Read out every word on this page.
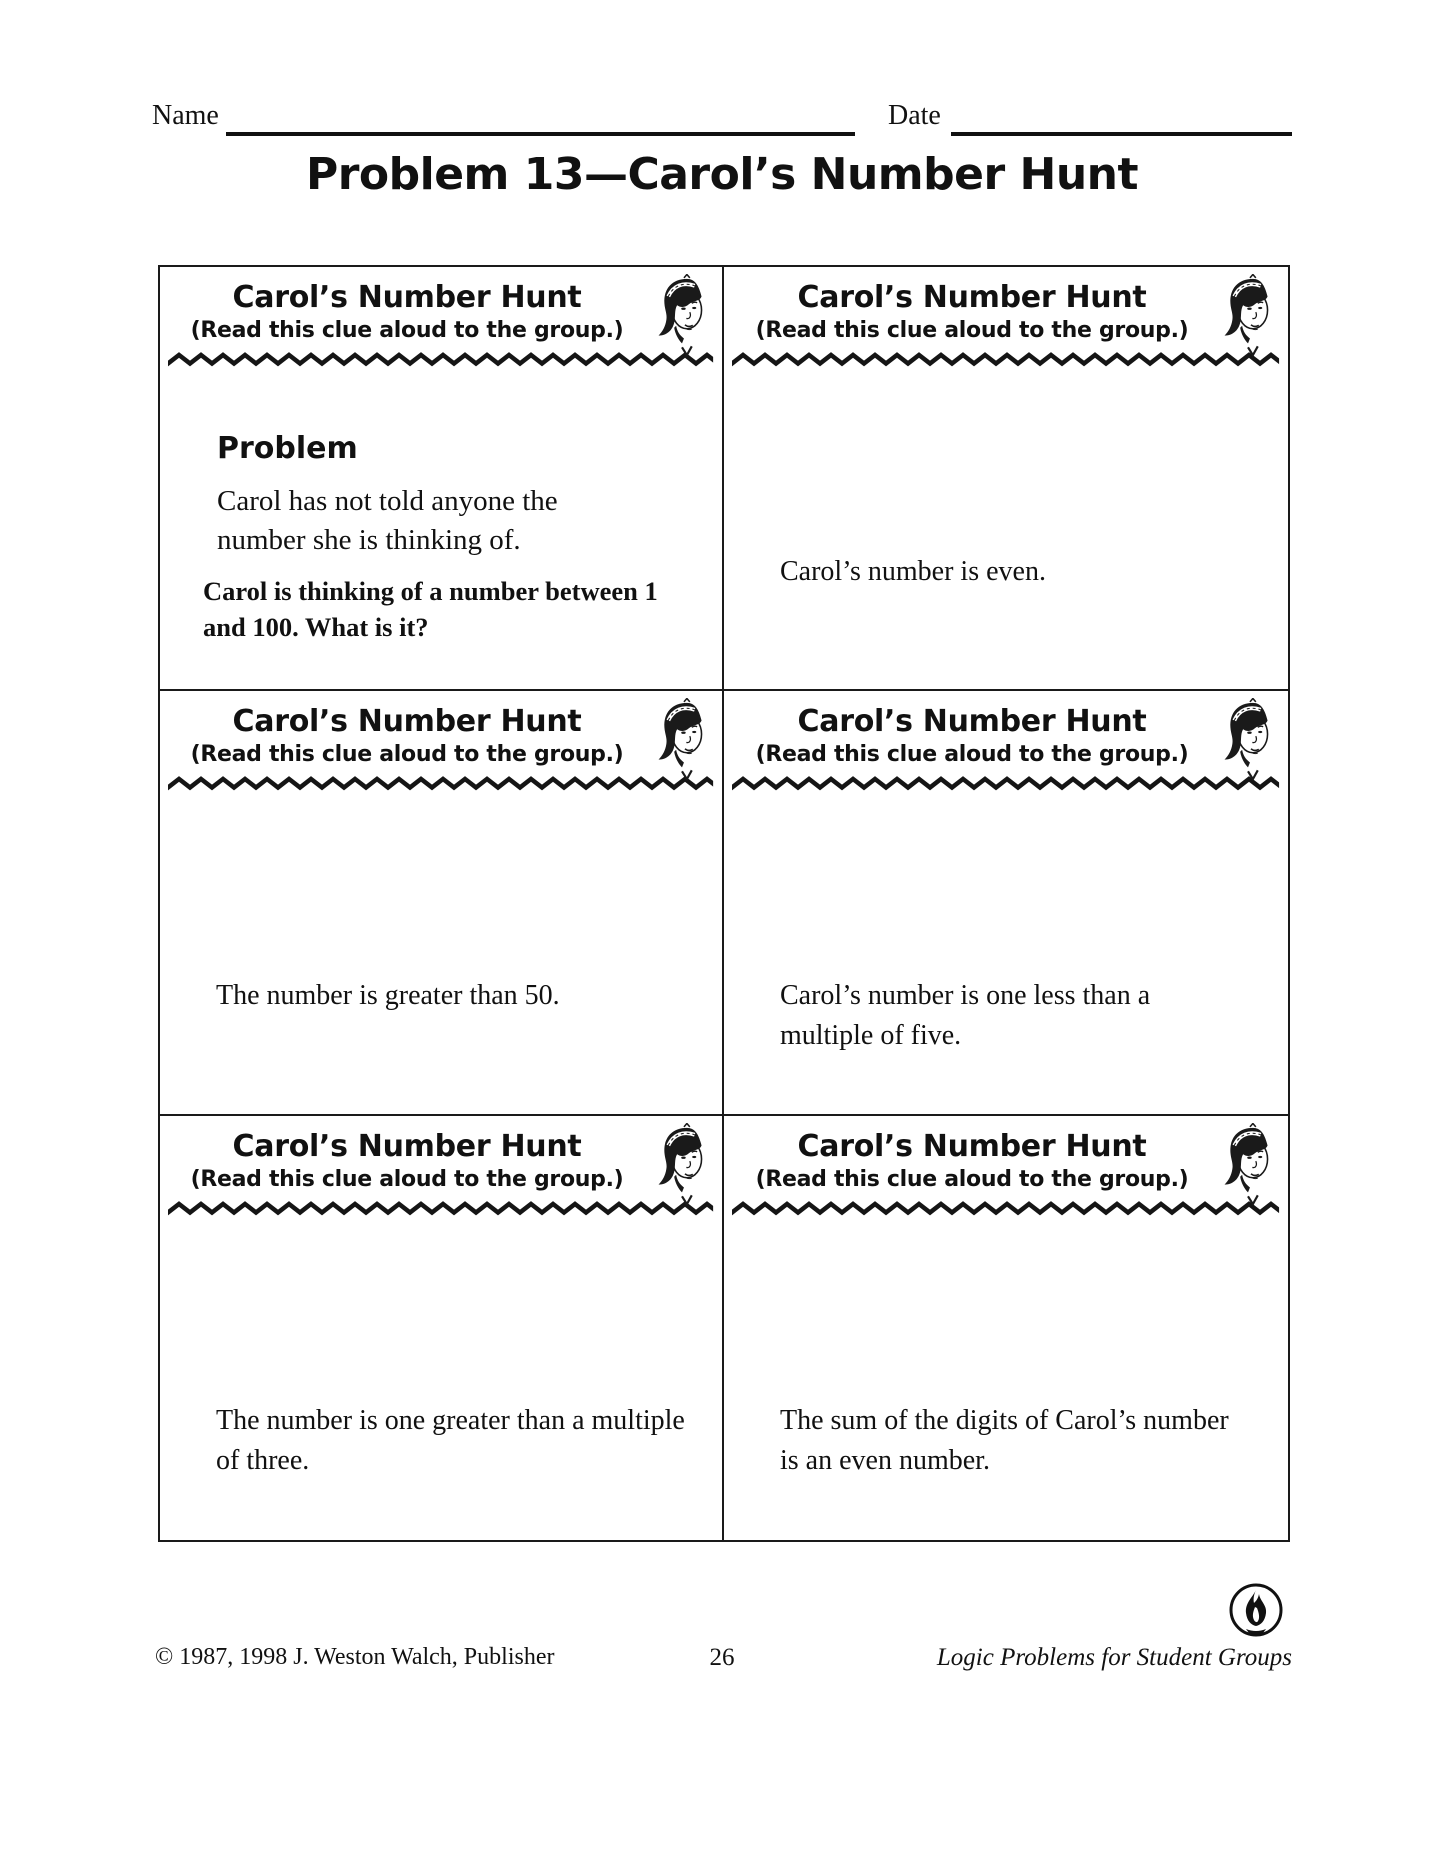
Name	Date
Problem 13—Carol’s Number Hunt
Carol’s Number Hunt
(Read this clue aloud to the group.)
Problem
Carol has not told anyone the number she is thinking of.
Carol is thinking of a number between 1 and 100. What is it?
Carol’s Number Hunt
(Read this clue aloud to the group.)
Carol’s number is even.
Carol’s Number Hunt
(Read this clue aloud to the group.)
The number is greater than 50.
Carol’s Number Hunt
(Read this clue aloud to the group.)
Carol’s number is one less than a multiple of five.
Carol’s Number Hunt
(Read this clue aloud to the group.)
The number is one greater than a multiple of three.
Carol’s Number Hunt
(Read this clue aloud to the group.)
The sum of the digits of Carol’s number is an even number.
© 1987, 1998 J. Weston Walch, Publisher	26	Logic Problems for Student Groups
